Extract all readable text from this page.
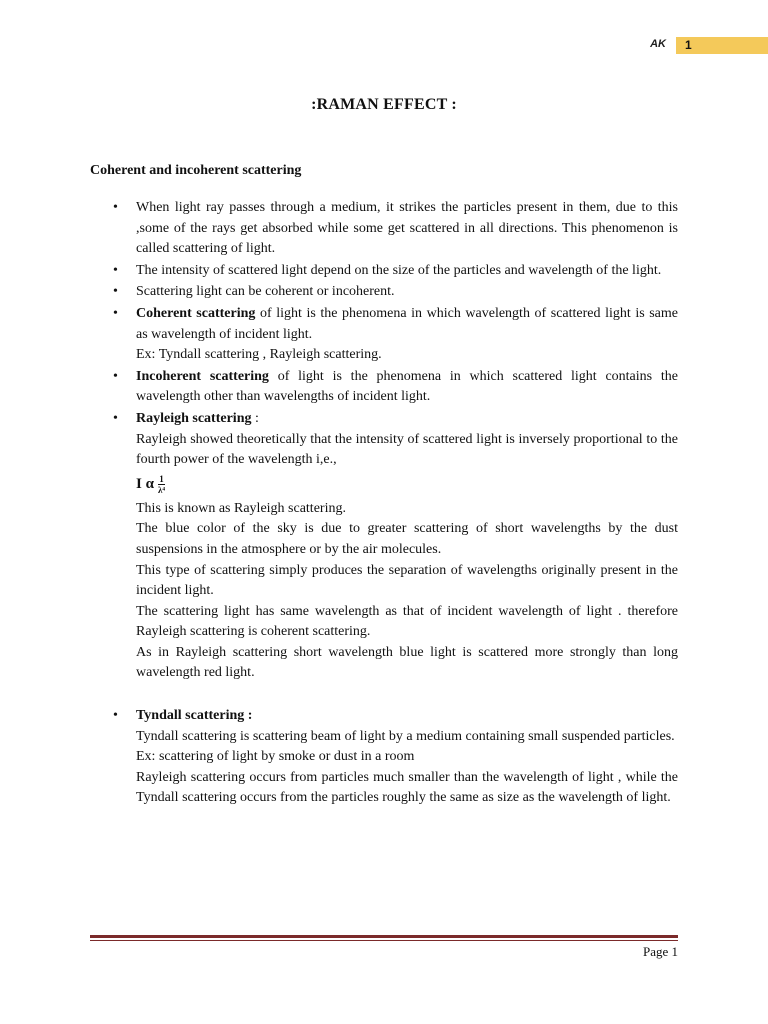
AK 1
:RAMAN EFFECT :
Coherent and incoherent scattering
• When light ray passes through a medium, it strikes the particles present in them, due to this ,some of the rays get absorbed while some get scattered in all directions. This phenomenon is called scattering of light.
• The intensity of scattered light depend on the size of the particles and wavelength of the light.
• Scattering light can be coherent or incoherent.
• Coherent scattering of light is the phenomena in which wavelength of scattered light is same as wavelength of incident light.
Ex: Tyndall scattering , Rayleigh scattering.
• Incoherent scattering of light is the phenomena in which scattered light contains the wavelength other than wavelengths of incident light.
• Rayleigh scattering :
Rayleigh showed theoretically that the intensity of scattered light is inversely proportional to the fourth power of the wavelength i,e.,
I α $\frac{1}{\text{λ⁴}}$
This is known as Rayleigh scattering.
The blue color of the sky is due to greater scattering of short wavelengths by the dust suspensions in the atmosphere or by the air molecules.
This type of scattering simply produces the separation of wavelengths originally present in the incident light.
The scattering light has same wavelength as that of incident wavelength of light . therefore Rayleigh scattering is coherent scattering.
As in Rayleigh scattering short wavelength blue light is scattered more strongly than long wavelength red light.
• Tyndall scattering :
Tyndall scattering is scattering beam of light by a medium containing small suspended particles.
Ex: scattering of light by smoke or dust in a room
Rayleigh scattering occurs from particles much smaller than the wavelength of light , while the Tyndall scattering occurs from the particles roughly the same as size as the wavelength of light.
Page 1
